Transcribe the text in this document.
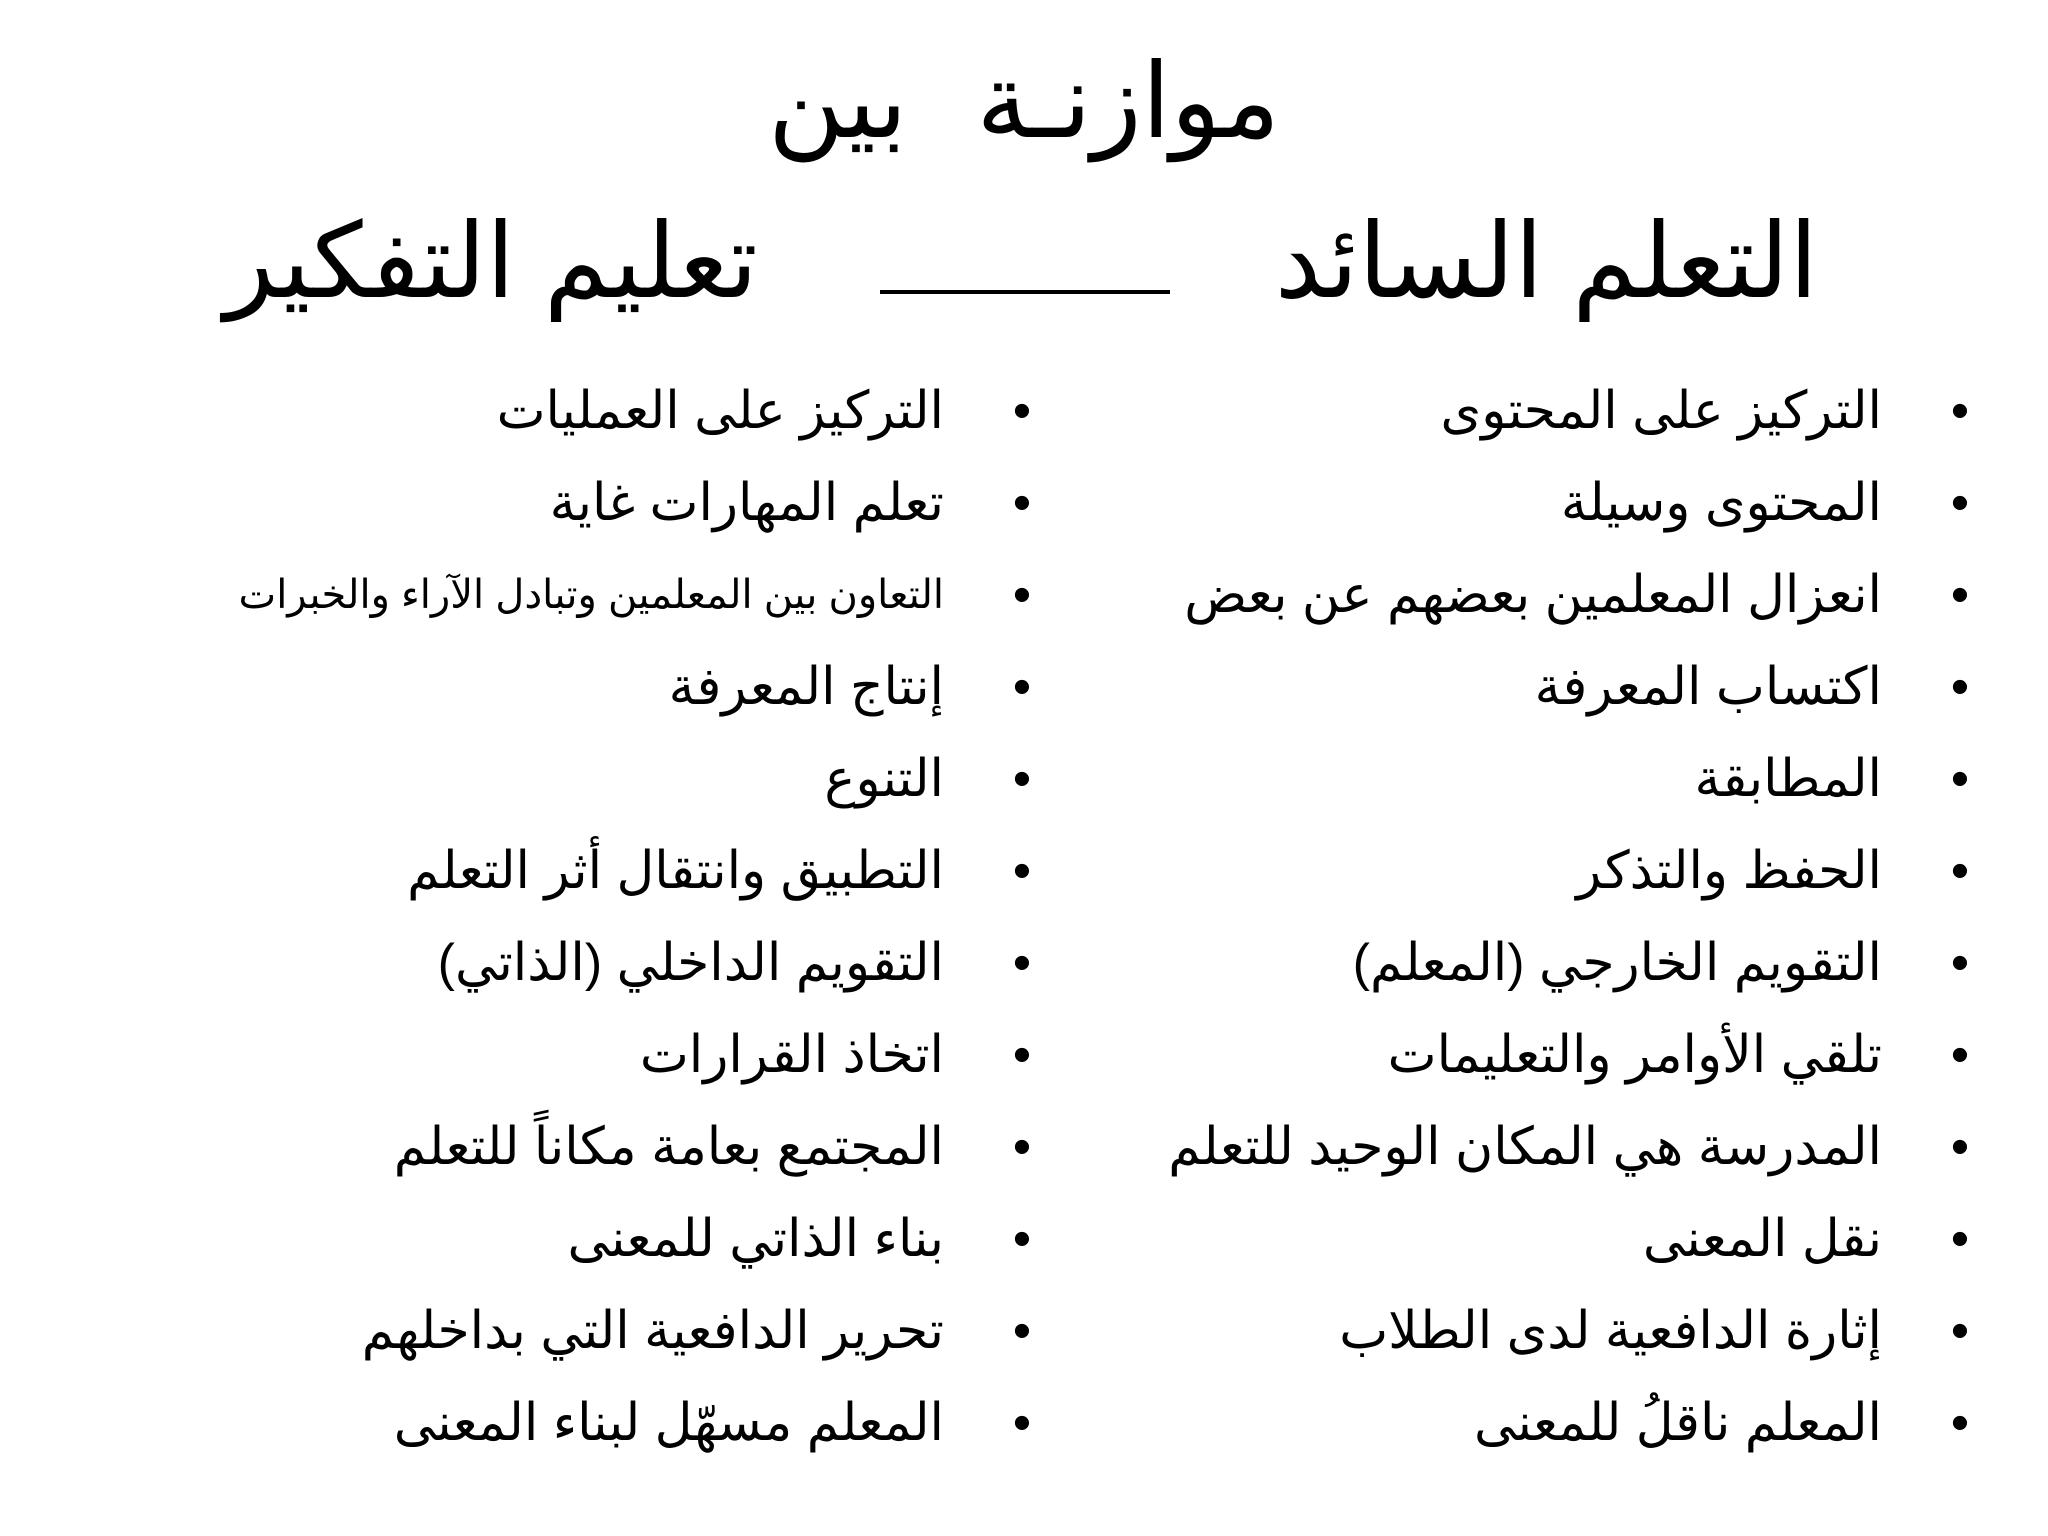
موازنـة بين
التعلم السائد
تعليم التفكير
•
التركيز على المحتوى
•
المحتوى وسيلة
•
انعزال المعلمين بعضهم عن بعض
•
اكتساب المعرفة
•
المطابقة
•
الحفظ والتذكر
•
التقويم الخارجي (المعلم)
•
تلقي الأوامر والتعليمات
•
المدرسة هي المكان الوحيد للتعلم
•
نقل المعنى
•
إثارة الدافعية لدى الطلاب
•
المعلم ناقلُ للمعنى
•
التركيز على العمليات
•
تعلم المهارات غاية
•
التعاون بين المعلمين وتبادل الآراء والخبرات
•
إنتاج المعرفة
•
التنوع
•
التطبيق وانتقال أثر التعلم
•
التقويم الداخلي (الذاتي)
•
اتخاذ القرارات
•
المجتمع بعامة مكاناً للتعلم
•
بناء الذاتي للمعنى
•
تحرير الدافعية التي بداخلهم
•
المعلم مسهّل لبناء المعنى
